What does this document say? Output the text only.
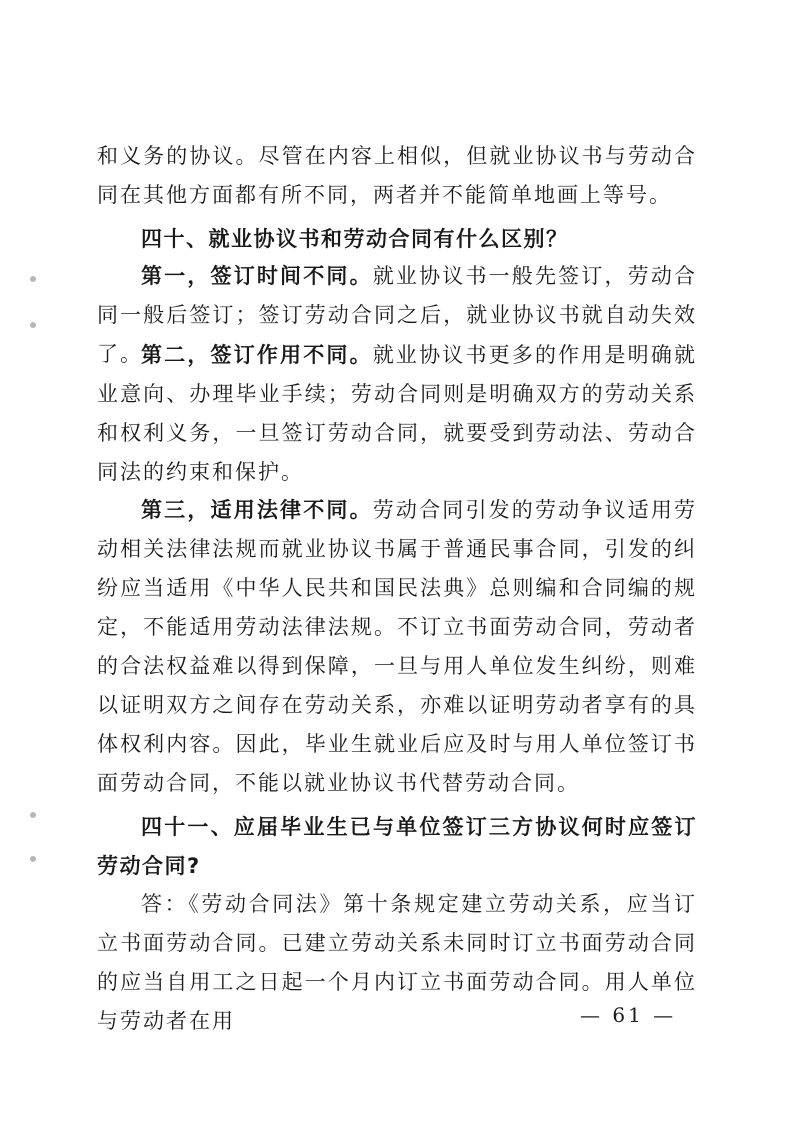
和义务的协议。尽管在内容上相似，但就业协议书与劳动合同在其他方面都有所不同，两者并不能简单地画上等号。
四十、就业协议书和劳动合同有什么区别？
第一，签订时间不同。就业协议书一般先签订，劳动合同一般后签订；签订劳动合同之后，就业协议书就自动失效了。
第二，签订作用不同。就业协议书更多的作用是明确就业意向、办理毕业手续；劳动合同则是明确双方的劳动关系和权利义务，一旦签订劳动合同，就要受到劳动法、劳动合同法的约束和保护。
第三，适用法律不同。劳动合同引发的劳动争议适用劳动相关法律法规而就业协议书属于普通民事合同，引发的纠纷应当适用《中华人民共和国民法典》总则编和合同编的规定，不能适用劳动法律法规。不订立书面劳动合同，劳动者的合法权益难以得到保障，一旦与用人单位发生纠纷，则难以证明双方之间存在劳动关系，亦难以证明劳动者享有的具体权利内容。因此，毕业生就业后应及时与用人单位签订书面劳动合同，不能以就业协议书代替劳动合同。
四十一、应届毕业生已与单位签订三方协议何时应签订劳动合同?
答：《劳动合同法》第十条规定建立劳动关系，应当订立书面劳动合同。已建立劳动关系未同时订立书面劳动合同的应当自用工之日起一个月内订立书面劳动合同。用人单位与劳动者在用	— 61 —
